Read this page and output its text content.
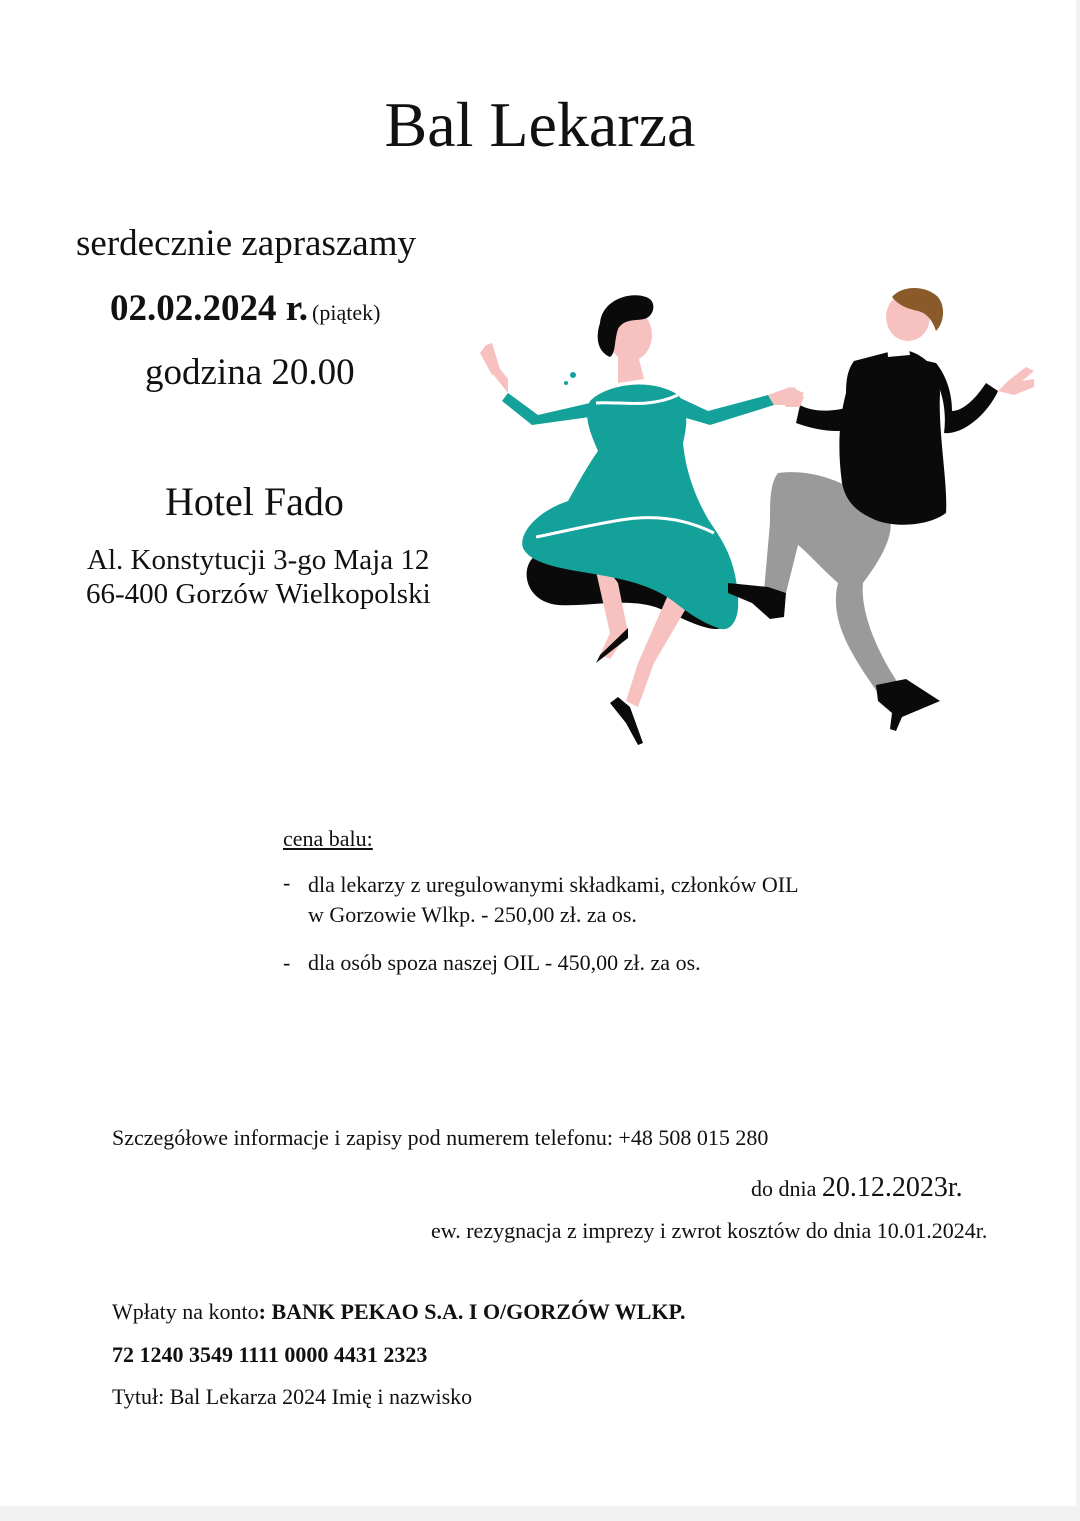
Bal Lekarza
serdecznie zapraszamy
02.02.2024 r. (piątek)
godzina 20.00
Hotel Fado
Al. Konstytucji 3-go Maja 12
66-400 Gorzów Wielkopolski
cena balu:
- dla lekarzy z uregulowanymi składkami, członków OIL
w Gorzowie Wlkp. - 250,00 zł. za os.
- dla osób spoza naszej OIL - 450,00 zł. za os.
Szczegółowe informacje i zapisy pod numerem telefonu: +48 508 015 280
do dnia 20.12.2023r.
ew. rezygnacja z imprezy i zwrot kosztów do dnia 10.01.2024r.
Wpłaty na konto: BANK PEKAO S.A. I O/GORZÓW WLKP.
72 1240 3549 1111 0000 4431 2323
Tytuł: Bal Lekarza 2024 Imię i nazwisko
